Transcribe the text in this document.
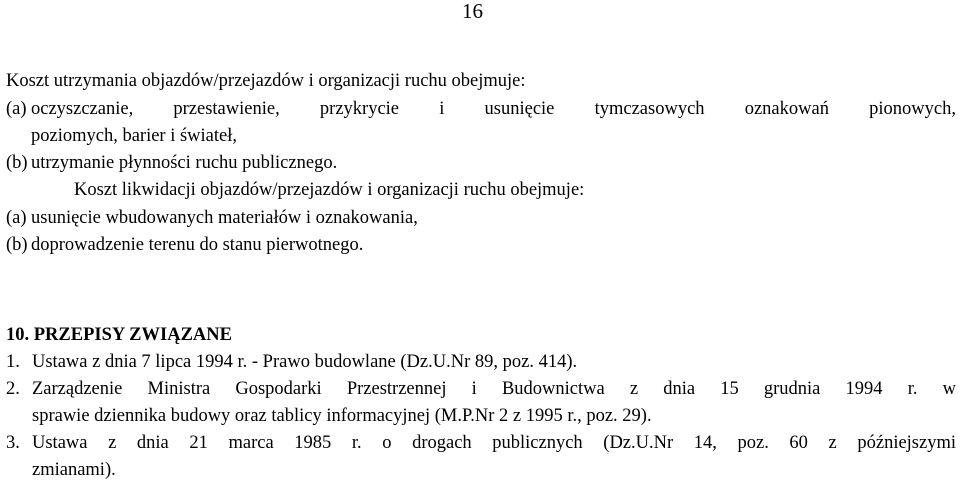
16
Koszt utrzymania objazdów/przejazdów i organizacji ruchu obejmuje:
(a) oczyszczanie, przestawienie, przykrycie i usunięcie tymczasowych oznakowań pionowych,
poziomych, barier i świateł,
(b) utrzymanie płynności ruchu publicznego.
Koszt likwidacji objazdów/przejazdów i organizacji ruchu obejmuje:
(a) usunięcie wbudowanych materiałów i oznakowania,
(b) doprowadzenie terenu do stanu pierwotnego.
10. PRZEPISY ZWIĄZANE
1. Ustawa z dnia 7 lipca 1994 r. - Prawo budowlane (Dz.U.Nr 89, poz. 414).
2. Zarządzenie Ministra Gospodarki Przestrzennej i Budownictwa z dnia 15 grudnia 1994 r. w
sprawie dziennika budowy oraz tablicy informacyjnej (M.P.Nr 2 z 1995 r., poz. 29).
3. Ustawa z dnia 21 marca 1985 r. o drogach publicznych (Dz.U.Nr 14, poz. 60 z późniejszymi
zmianami).
